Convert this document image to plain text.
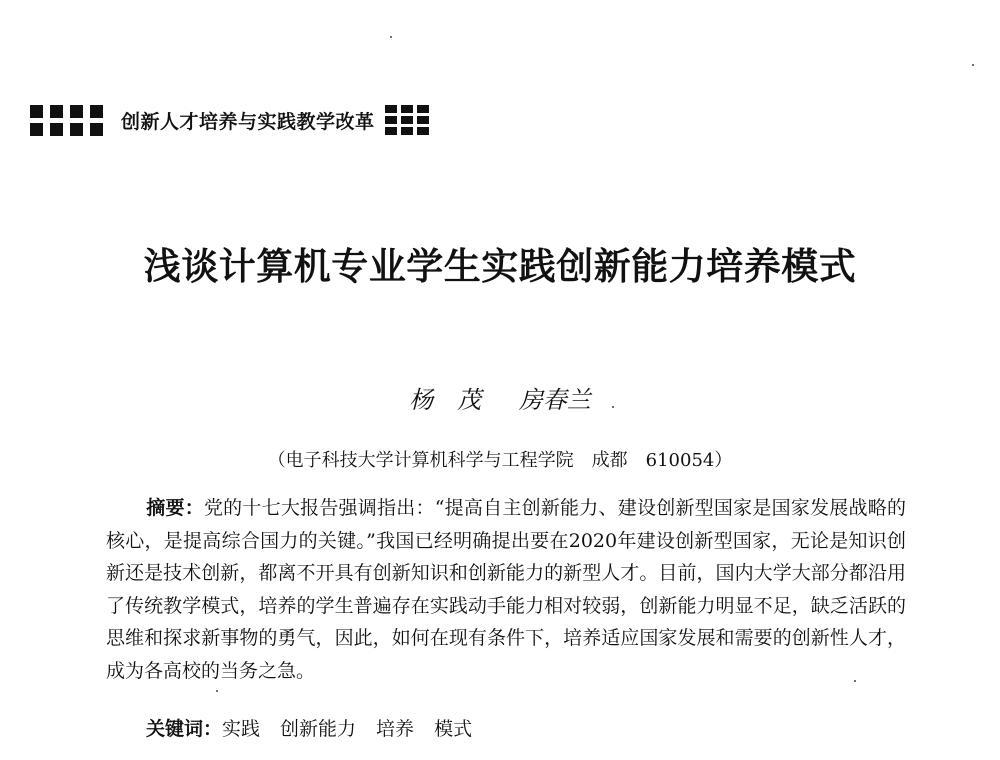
创新人才培养与实践教学改革
浅谈计算机专业学生实践创新能力培养模式

杨　茂 房春兰

（电子科技大学计算机科学与工程学院 成都 610054）

摘要：党的十七大报告强调指出：“提高自主创新能力、建设创新型国家是国家发展战略的核心，是提高综合国力的关键。”我国已经明确提出要在2020年建设创新型国家，无论是知识创新还是技术创新，都离不开具有创新知识和创新能力的新型人才。目前，国内大学大部分都沿用了传统教学模式，培养的学生普遍存在实践动手能力相对较弱，创新能力明显不足，缺乏活跃的思维和探求新事物的勇气，因此，如何在现有条件下，培养适应国家发展和需要的创新性人才，成为各高校的当务之急。

关键词：实践 创新能力 培养 模式
